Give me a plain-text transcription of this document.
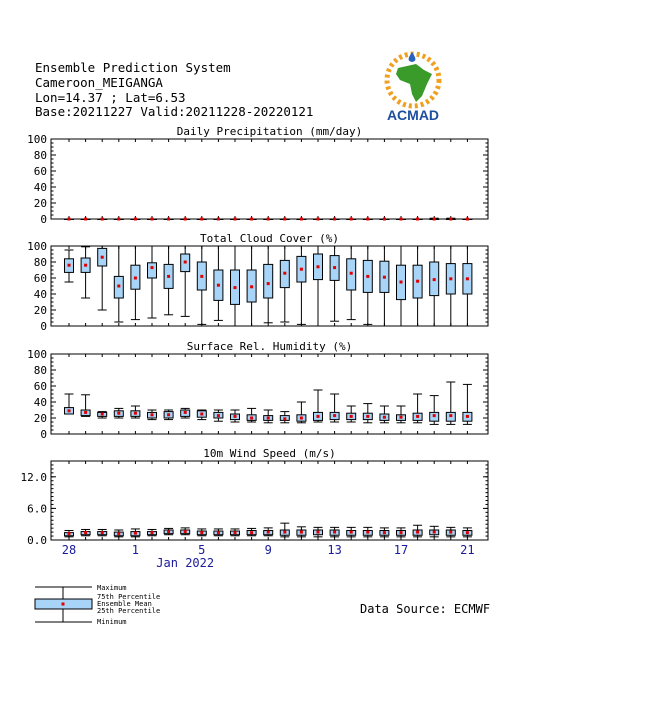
Ensemble Prediction System
Cameroon_MEIGANGA
Lon=14.37 ; Lat=6.53
Base:20211227 Valid:20211228-20220121	ACMAD
Daily Precipitation (mm/day)
0
20
40
60
80
100
Total Cloud Cover (%)
0
20
40
60
80
100
Surface Rel. Humidity (%)
0
20
40
60
80
100
10m Wind Speed (m/s)
0.0
6.0
12.0
28	1	5	9	13	17	21
Jan 2022
Maximum
75th Percentile
Ensemble Mean
25th Percentile
Minimum
Data Source: ECMWF
